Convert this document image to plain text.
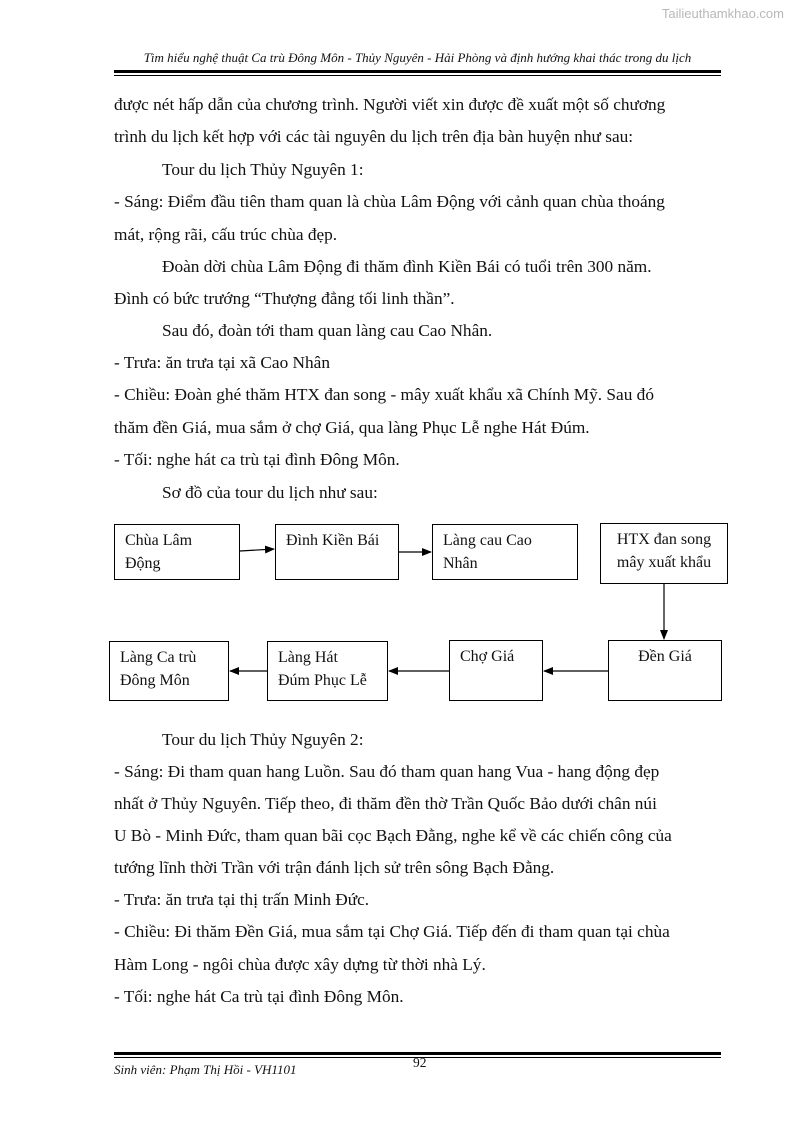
Tailieuthamkhao.com
Tìm hiểu nghệ thuật Ca trù Đông Môn - Thủy Nguyên - Hải Phòng và định hướng khai thác trong du lịch
được nét hấp dẫn của chương trình. Người viết xin được đề xuất một số chương
trình du lịch kết hợp với các tài nguyên du lịch trên địa bàn huyện như sau:
Tour du lịch Thủy Nguyên 1:
- Sáng: Điểm đầu tiên tham quan là chùa Lâm Động với cảnh quan chùa thoáng
mát, rộng rãi, cấu trúc chùa đẹp.
Đoàn dời chùa Lâm Động đi thăm đình Kiền Bái có tuổi trên 300 năm.
Đình có bức trướng “Thượng đẳng tối linh thần”.
Sau đó, đoàn tới tham quan làng cau Cao Nhân.
- Trưa: ăn trưa tại xã Cao Nhân
- Chiều: Đoàn ghé thăm HTX đan song - mây xuất khẩu xã Chính Mỹ. Sau đó
thăm đền Giá, mua sắm ở chợ Giá, qua làng Phục Lễ nghe Hát Đúm.
- Tối: nghe hát ca trù tại đình Đông Môn.
Sơ đồ của tour du lịch như sau:
Chùa Lâm
Động
Đình Kiền Bái	Làng cau Cao
Nhân
HTX đan song
mây xuất khẩu
Đền Giá
Chợ Giá
Làng Hát
Đúm Phục Lễ
Làng Ca trù
Đông Môn
Tour du lịch Thủy Nguyên 2:
- Sáng: Đi tham quan hang Luồn. Sau đó tham quan hang Vua - hang động đẹp
nhất ở Thủy Nguyên. Tiếp theo, đi thăm đền thờ Trần Quốc Bảo dưới chân núi
U Bò - Minh Đức, tham quan bãi cọc Bạch Đằng, nghe kể về các chiến công của
tướng lĩnh thời Trần với trận đánh lịch sử trên sông Bạch Đằng.
- Trưa: ăn trưa tại thị trấn Minh Đức.
- Chiều: Đi thăm Đền Giá, mua sắm tại Chợ Giá. Tiếp đến đi tham quan tại chùa
Hàm Long - ngôi chùa được xây dựng từ thời nhà Lý.
- Tối: nghe hát Ca trù tại đình Đông Môn.
Sinh viên: Phạm Thị Hồi - VH1101	92
